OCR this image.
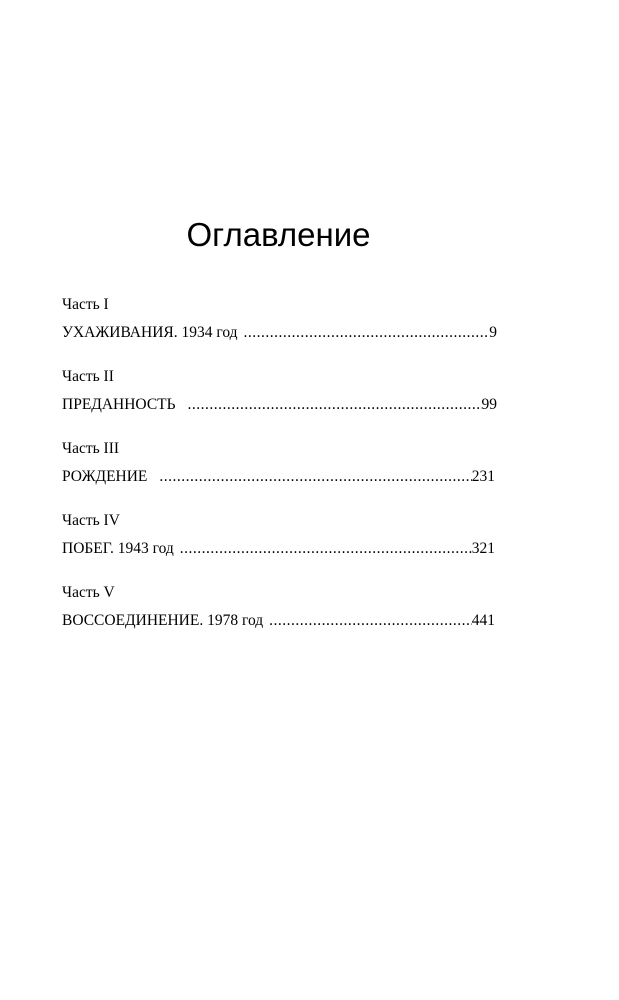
Оглавление
Часть I
УХАЖИВАНИЯ. 1934 год .....	9
Часть II
ПРЕДАННОСТЬ .....	99
Часть III
РОЖДЕНИЕ .....	231
Часть IV
ПОБЕГ. 1943 год .....	321
Часть V
ВОССОЕДИНЕНИЕ. 1978 год .....	441
